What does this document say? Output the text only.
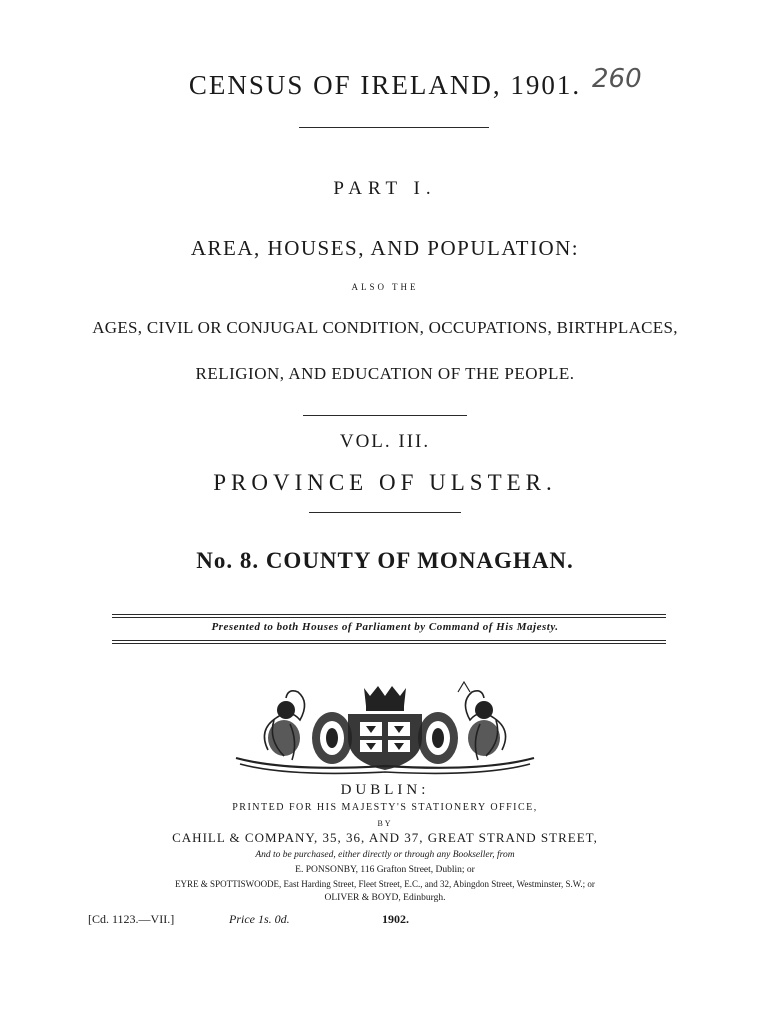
CENSUS OF IRELAND, 1901. 260
PART I.
AREA, HOUSES, AND POPULATION:
ALSO THE
AGES, CIVIL OR CONJUGAL CONDITION, OCCUPATIONS, BIRTHPLACES,
RELIGION, AND EDUCATION OF THE PEOPLE.
VOL. III.
PROVINCE OF ULSTER.
No. 8. COUNTY OF MONAGHAN.
Presented to both Houses of Parliament by Command of His Majesty.
DUBLIN:
PRINTED FOR HIS MAJESTY'S STATIONERY OFFICE,
BY
CAHILL & COMPANY, 35, 36, AND 37, GREAT STRAND STREET,
And to be purchased, either directly or through any Bookseller, from
E. PONSONBY, 116 Grafton Street, Dublin; or
EYRE & SPOTTISWOODE, East Harding Street, Fleet Street, E.C., and 32, Abingdon Street, Westminster, S.W.; or
OLIVER & BOYD, Edinburgh.
[Cd. 1123.—VII.]	Price 1s. 0d.	1902.
